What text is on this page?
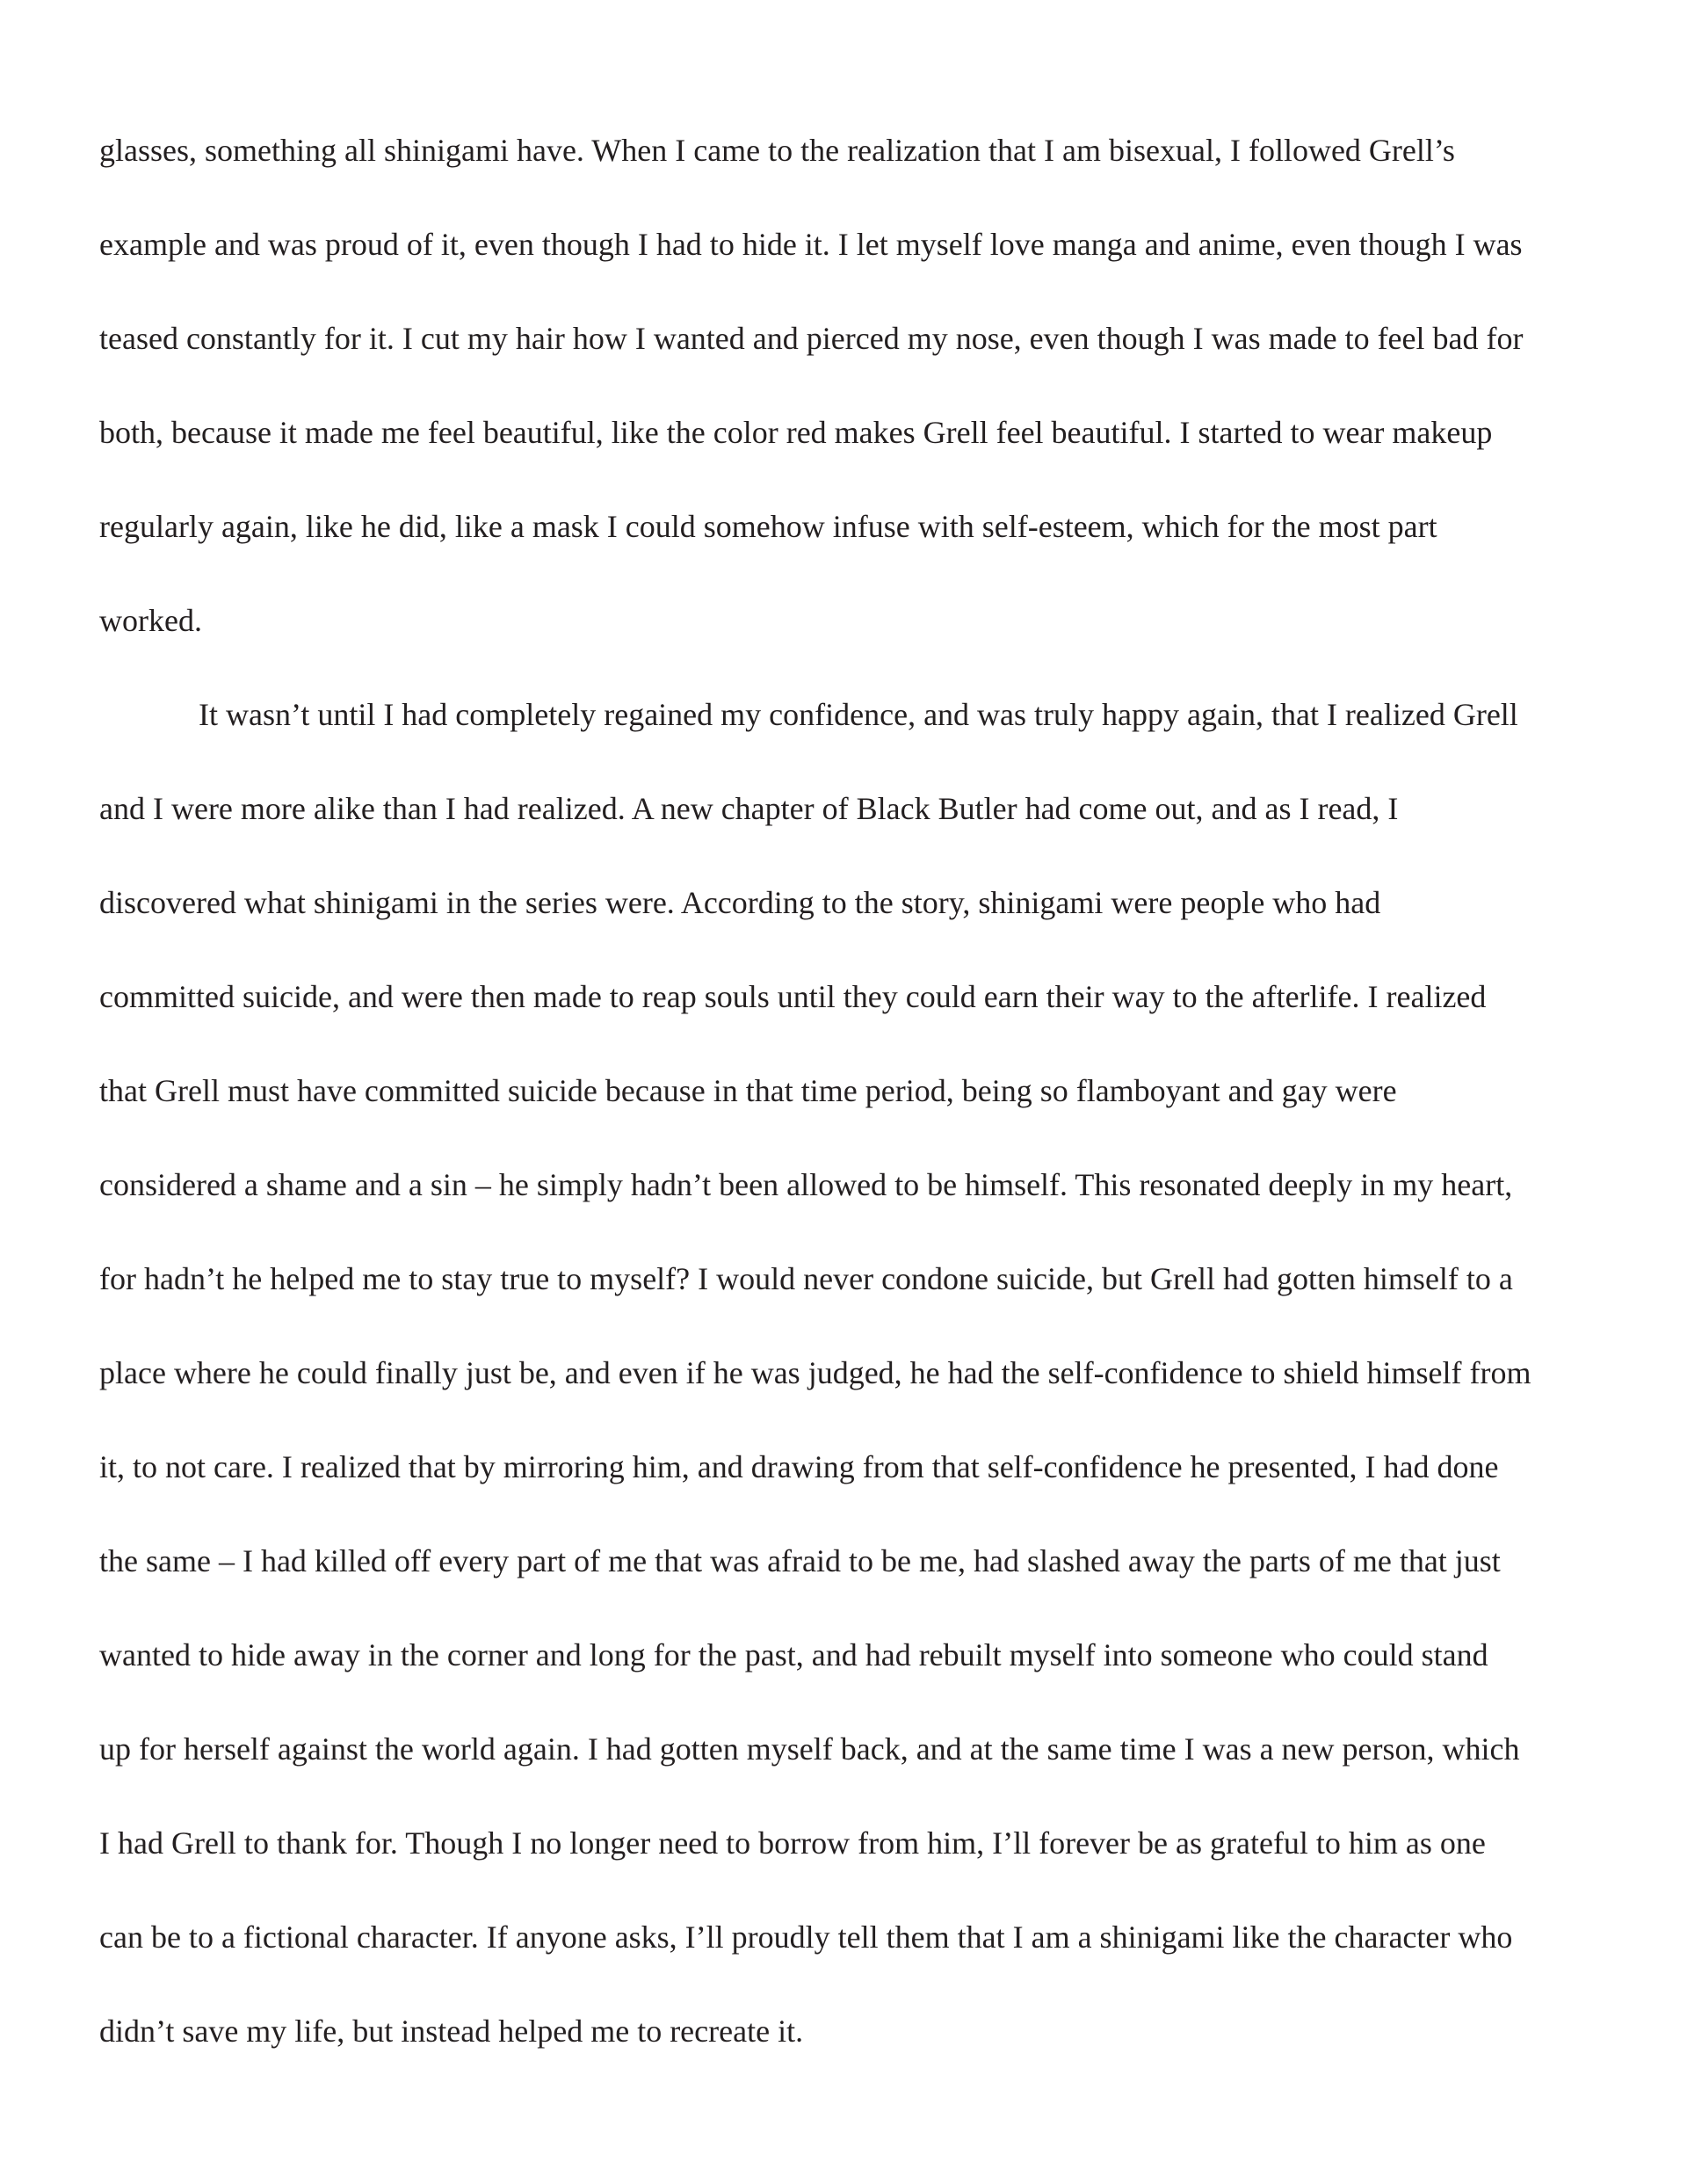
glasses, something all shinigami have. When I came to the realization that I am bisexual, I followed Grell’s
example and was proud of it, even though I had to hide it. I let myself love manga and anime, even though I was
teased constantly for it. I cut my hair how I wanted and pierced my nose, even though I was made to feel bad for
both, because it made me feel beautiful, like the color red makes Grell feel beautiful. I started to wear makeup
regularly again, like he did, like a mask I could somehow infuse with self-esteem, which for the most part
worked.
It wasn’t until I had completely regained my confidence, and was truly happy again, that I realized Grell
and I were more alike than I had realized. A new chapter of Black Butler had come out, and as I read, I
discovered what shinigami in the series were. According to the story, shinigami were people who had
committed suicide, and were then made to reap souls until they could earn their way to the afterlife. I realized
that Grell must have committed suicide because in that time period, being so flamboyant and gay were
considered a shame and a sin – he simply hadn’t been allowed to be himself. This resonated deeply in my heart,
for hadn’t he helped me to stay true to myself? I would never condone suicide, but Grell had gotten himself to a
place where he could finally just be, and even if he was judged, he had the self-confidence to shield himself from
it, to not care. I realized that by mirroring him, and drawing from that self-confidence he presented, I had done
the same – I had killed off every part of me that was afraid to be me, had slashed away the parts of me that just
wanted to hide away in the corner and long for the past, and had rebuilt myself into someone who could stand
up for herself against the world again. I had gotten myself back, and at the same time I was a new person, which
I had Grell to thank for. Though I no longer need to borrow from him, I’ll forever be as grateful to him as one
can be to a fictional character. If anyone asks, I’ll proudly tell them that I am a shinigami like the character who
didn’t save my life, but instead helped me to recreate it.
